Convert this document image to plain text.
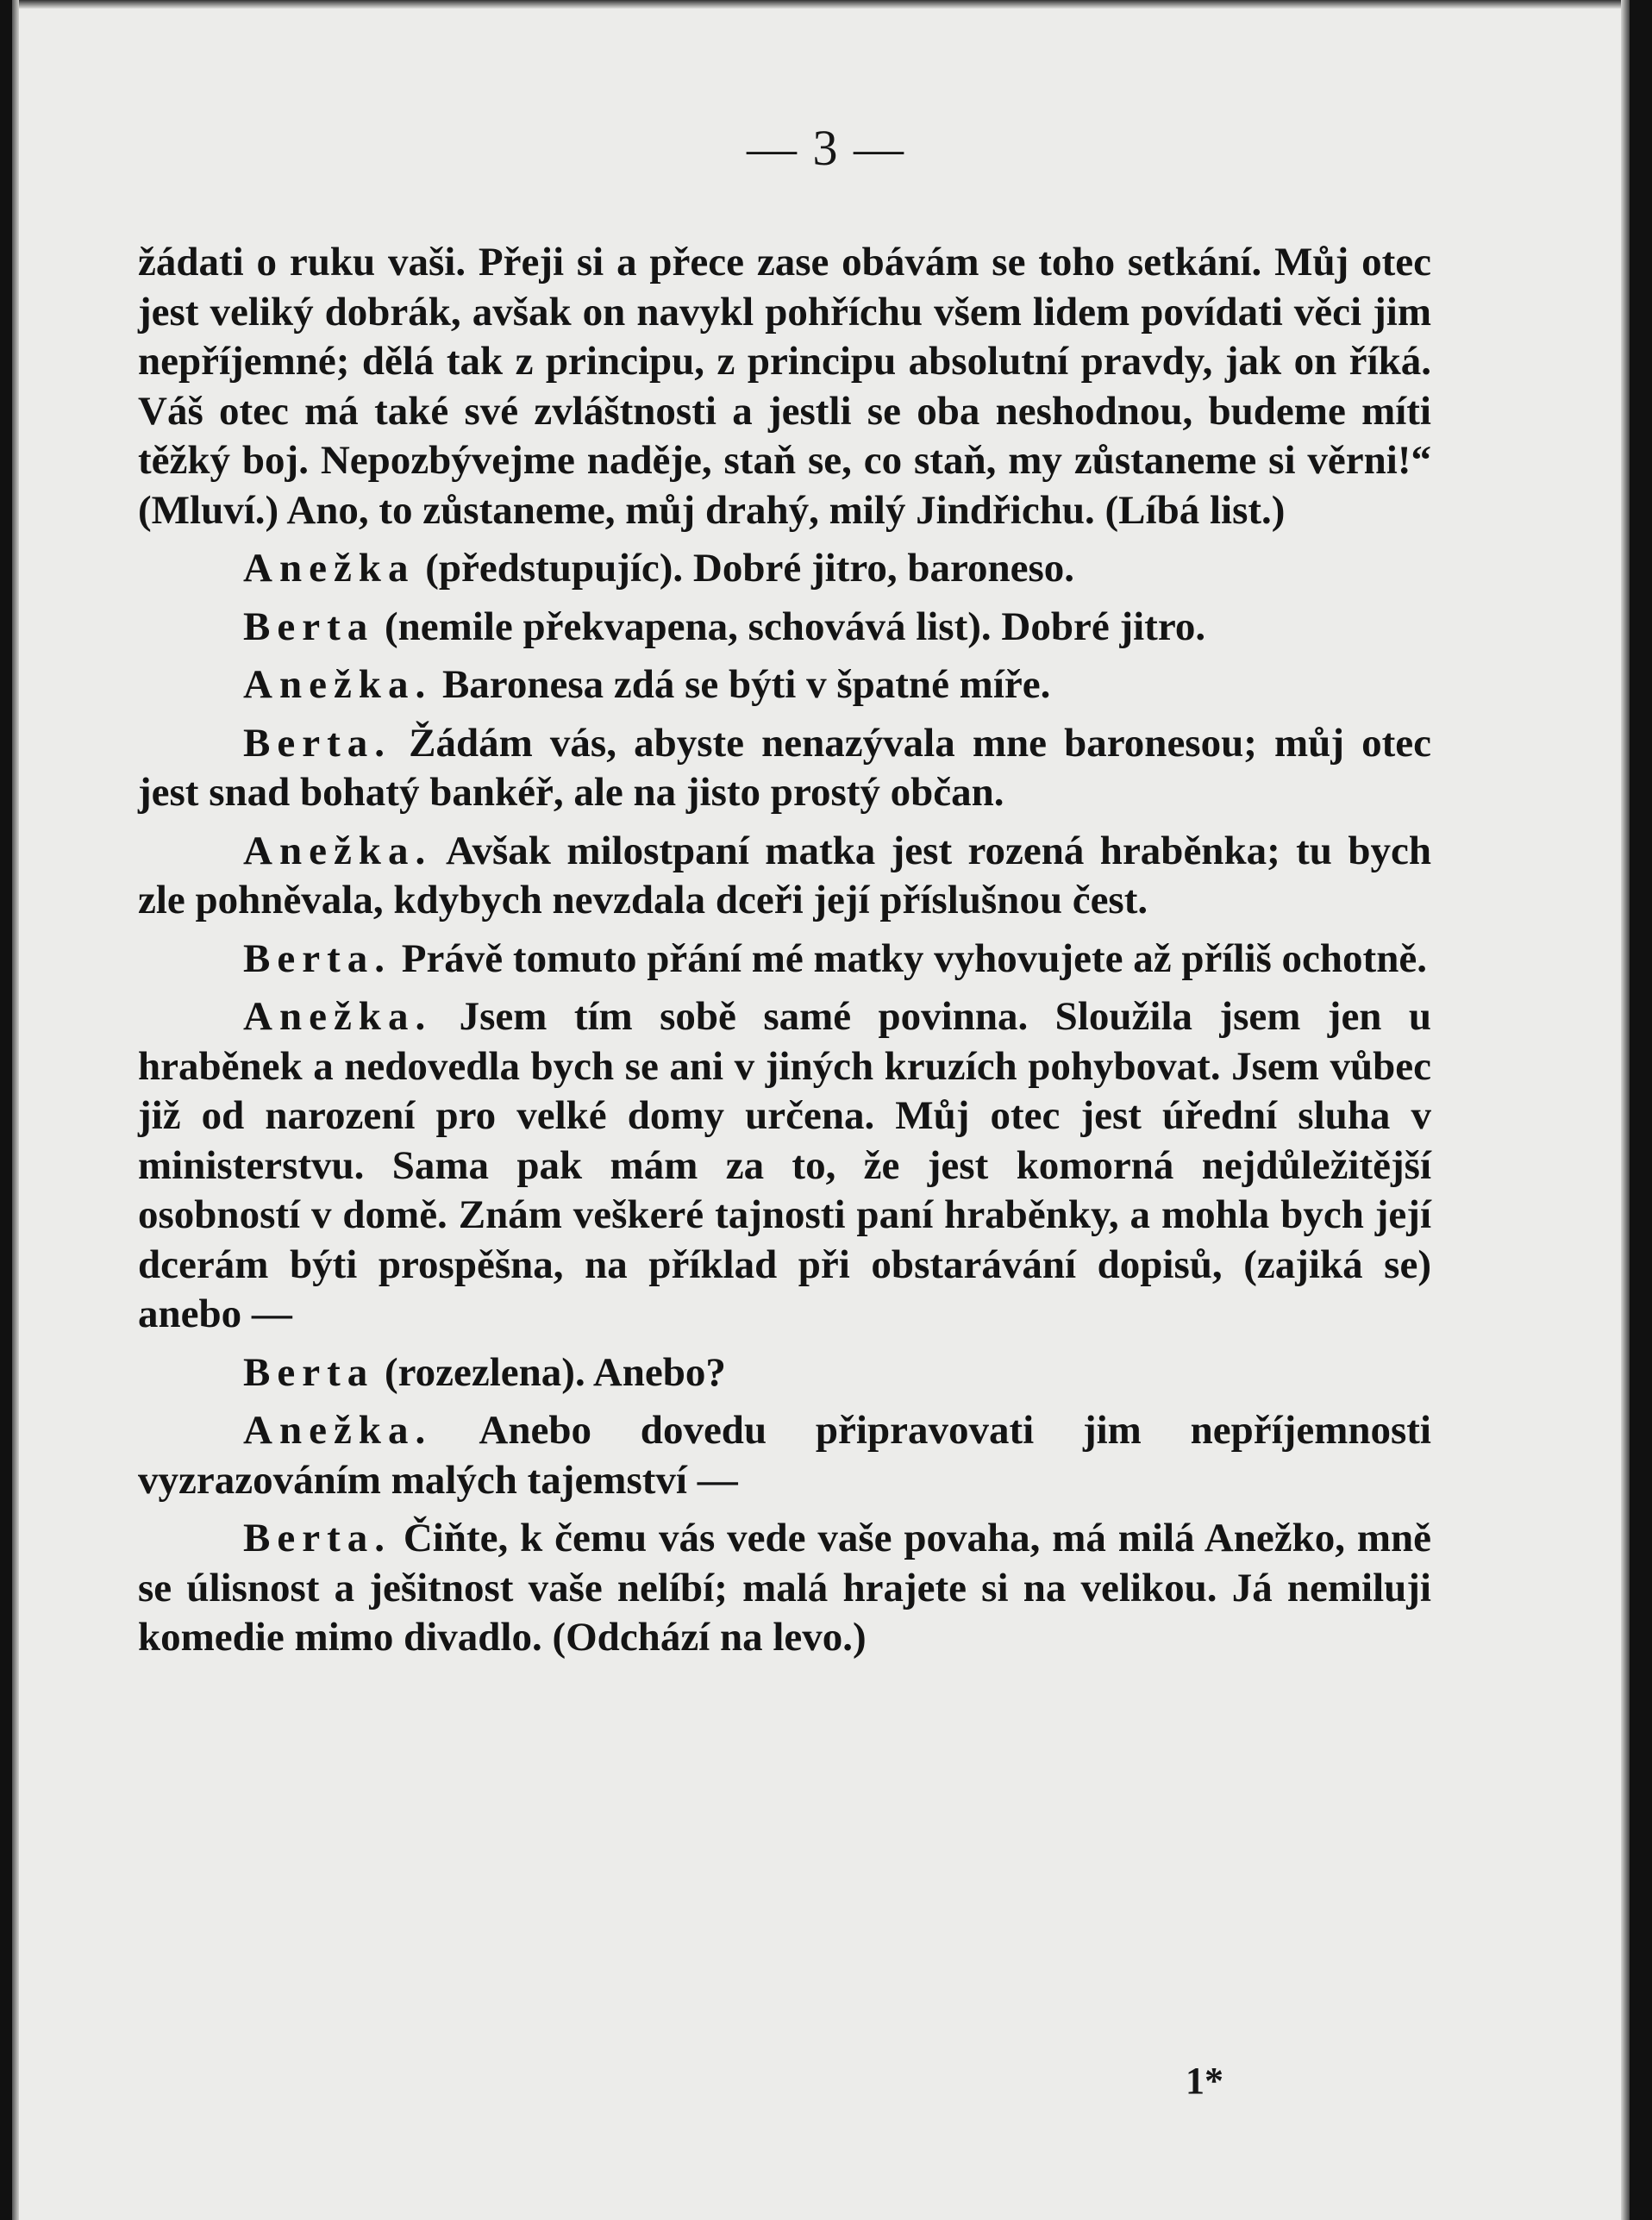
— 3 —

žádati o ruku vaši. Přeji si a přece zase obávám se toho setkání. Můj otec jest veliký dobrák, avšak on navykl pohříchu všem lidem povídati věci jim nepříjemné; dělá tak z principu, z principu absolutní pravdy, jak on říká. Váš otec má také své zvláštnosti a jestli se oba neshodnou, budeme míti těžký boj. Nepozbývejme naděje, staň se, co staň, my zůstaneme si věrni!“ (Mluví.) Ano, to zůstaneme, můj drahý, milý Jindřichu. (Líbá list.)

Anežka (předstupujíc). Dobré jitro, baroneso.

Berta (nemile překvapena, schovává list). Dobré jitro.

Anežka. Baronesa zdá se býti v špatné míře.

Berta. Žádám vás, abyste nenazývala mne baronesou; můj otec jest snad bohatý bankéř, ale na jisto prostý občan.

Anežka. Avšak milostpaní matka jest rozená hraběnka; tu bych zle pohněvala, kdybych nevzdala dceři její příslušnou čest.

Berta. Právě tomuto přání mé matky vyhovujete až příliš ochotně.

Anežka. Jsem tím sobě samé povinna. Sloužila jsem jen u hraběnek a nedovedla bych se ani v jiných kruzích pohybovat. Jsem vůbec již od narození pro velké domy určena. Můj otec jest úřední sluha v ministerstvu. Sama pak mám za to, že jest komorná nejdůležitější osobností v domě. Znám veškeré tajnosti paní hraběnky, a mohla bych její dcerám býti prospěšna, na příklad při obstarávání dopisů, (zajiká se) anebo —

Berta (rozezlena). Anebo?

Anežka. Anebo dovedu připravovati jim nepříjemnosti vyzrazováním malých tajemství —

Berta. Čiňte, k čemu vás vede vaše povaha, má milá Anežko, mně se úlisnost a ješitnost vaše nelíbí; malá hrajete si na velikou. Já nemiluji komedie mimo divadlo. (Odchází na levo.)

1*
